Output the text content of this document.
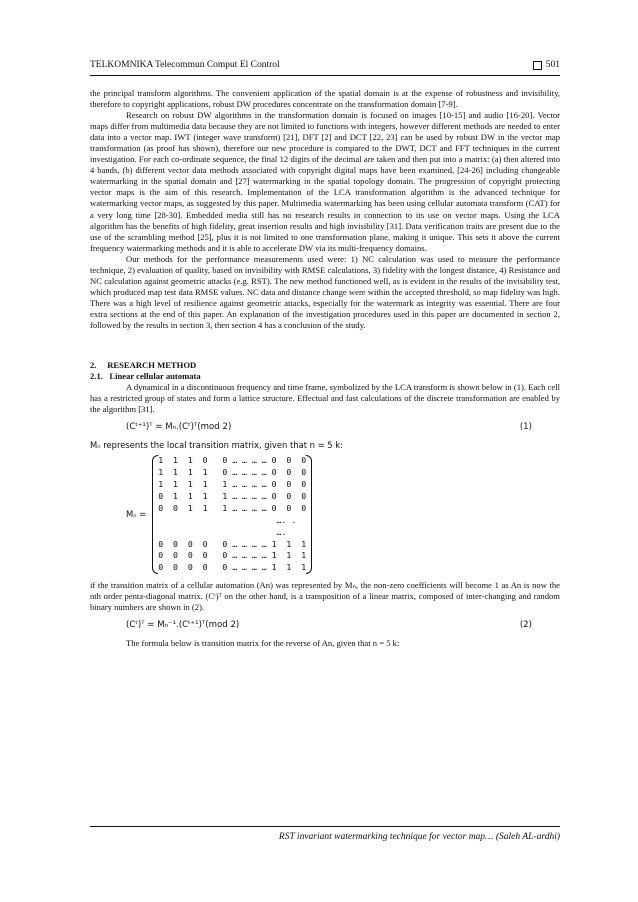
TELKOMNIKA Telecommun Comput El Control	501

the principal transform algorithms. The convenient application of the spatial domain is at the expense of robustness and invisibility, therefore to copyright applications, robust DW procedures concentrate on the transformation domain [7-9].

Research on robust DW algorithms in the transformation domain is focused on images [10-15] and audio [16-20]. Vector maps differ from multimedia data because they are not limited to functions with integers, however different methods are needed to enter data into a vector map. IWT (integer wave transform) [21], DFT [2] and DCT [22, 23] can be used by robust DW in the vector map transformation (as proof has shown), therefore our new procedure is compared to the DWT, DCT and FFT techniques in the current investigation. For each co-ordinate sequence, the final 12 digits of the decimal are taken and then put into a matrix: (a) then altered into 4 bands, (b) different vector data methods associated with copyright digital maps have been examined, [24-26] including changeable watermarking in the spatial domain and [27] watermarking in the spatial topology domain. The progression of copyright protecting vector maps is the aim of this research. Implementation of the LCA transformation algorithm is the advanced technique for watermarking vector maps, as suggested by this paper. Multimedia watermarking has been using cellular automata transform (CAT) for a very long time [28-30]. Embedded media still has no research results in connection to its use on vector maps. Using the LCA algorithm has the benefits of high fidelity, great insertion results and high invisibility [31]. Data verification traits are present due to the use of the scrambling method [25], plus it is not limited to one transformation plane, making it unique. This sets it above the current frequency watermarking methods and it is able to accelerate DW via its multi-frequency domains.

Our methods for the performance measurements used were: 1) NC calculation was used to measure the performance technique, 2) evaluation of quality, based on invisibility with RMSE calculations, 3) fidelity with the longest distance, 4) Resistance and NC calculation against geometric attacks (e.g. RST). The new method functioned well, as is evident in the results of the invisibility test, which produced map test data RMSE values. NC data and distance change were within the accepted threshold, so map fidelity was high. There was a high level of resilience against geometric attacks, especially for the watermark as integrity was essential. There are four extra sections at the end of this paper. An explanation of the investigation procedures used in this paper are documented in section 2, followed by the results in section 3, then section 4 has a conclusion of the study.

2.     RESEARCH METHOD

2.1.   Linear cellular automata

A dynamical in a discontinuous frequency and time frame, symbolized by the LCA transform is shown below in (1). Each cell has a restricted group of states and form a lattice structure. Effectual and fast calculations of the discrete transformation are enabled by the algorithm [31].

(Cᵗ⁺¹)ᵀ = Mₙ.(Cᵗ)ᵀ(mod 2)	(1)

Mₙ represents the local transition matrix, given that n = 5 k:

Mₙ =
1  1  1  0   0 … … … … 0  0  0
1  1  1  1   0 … … … … 0  0  0
1  1  1  1   1 … … … … 0  0  0
0  1  1  1   1 … … … … 0  0  0
0  0  1  1   1 … … … … 0  0  0
…. .
….
0  0  0  0   0 … … … … 1  1  1
0  0  0  0   0 … … … … 1  1  1
0  0  0  0   0 … … … … 1  1  1

if the transition matrix of a cellular automation (An) was represented by Mₙ, the non-zero coefficients will become 1 as An is now the nth order penta-diagonal matrix. (Cᵗ)ᵀ on the other hand, is a transposition of a linear matrix, composed of inter-changing and random binary numbers are shown in (2).

(Cᵗ)ᵀ = Mₙ⁻¹.(Cᵗ⁺¹)ᵀ(mod 2)	(2)

The formula below is transition matrix for the reverse of An, given that n = 5 k:

RST invariant watermarking technique for vector map… (Saleh AL-ardhi)
